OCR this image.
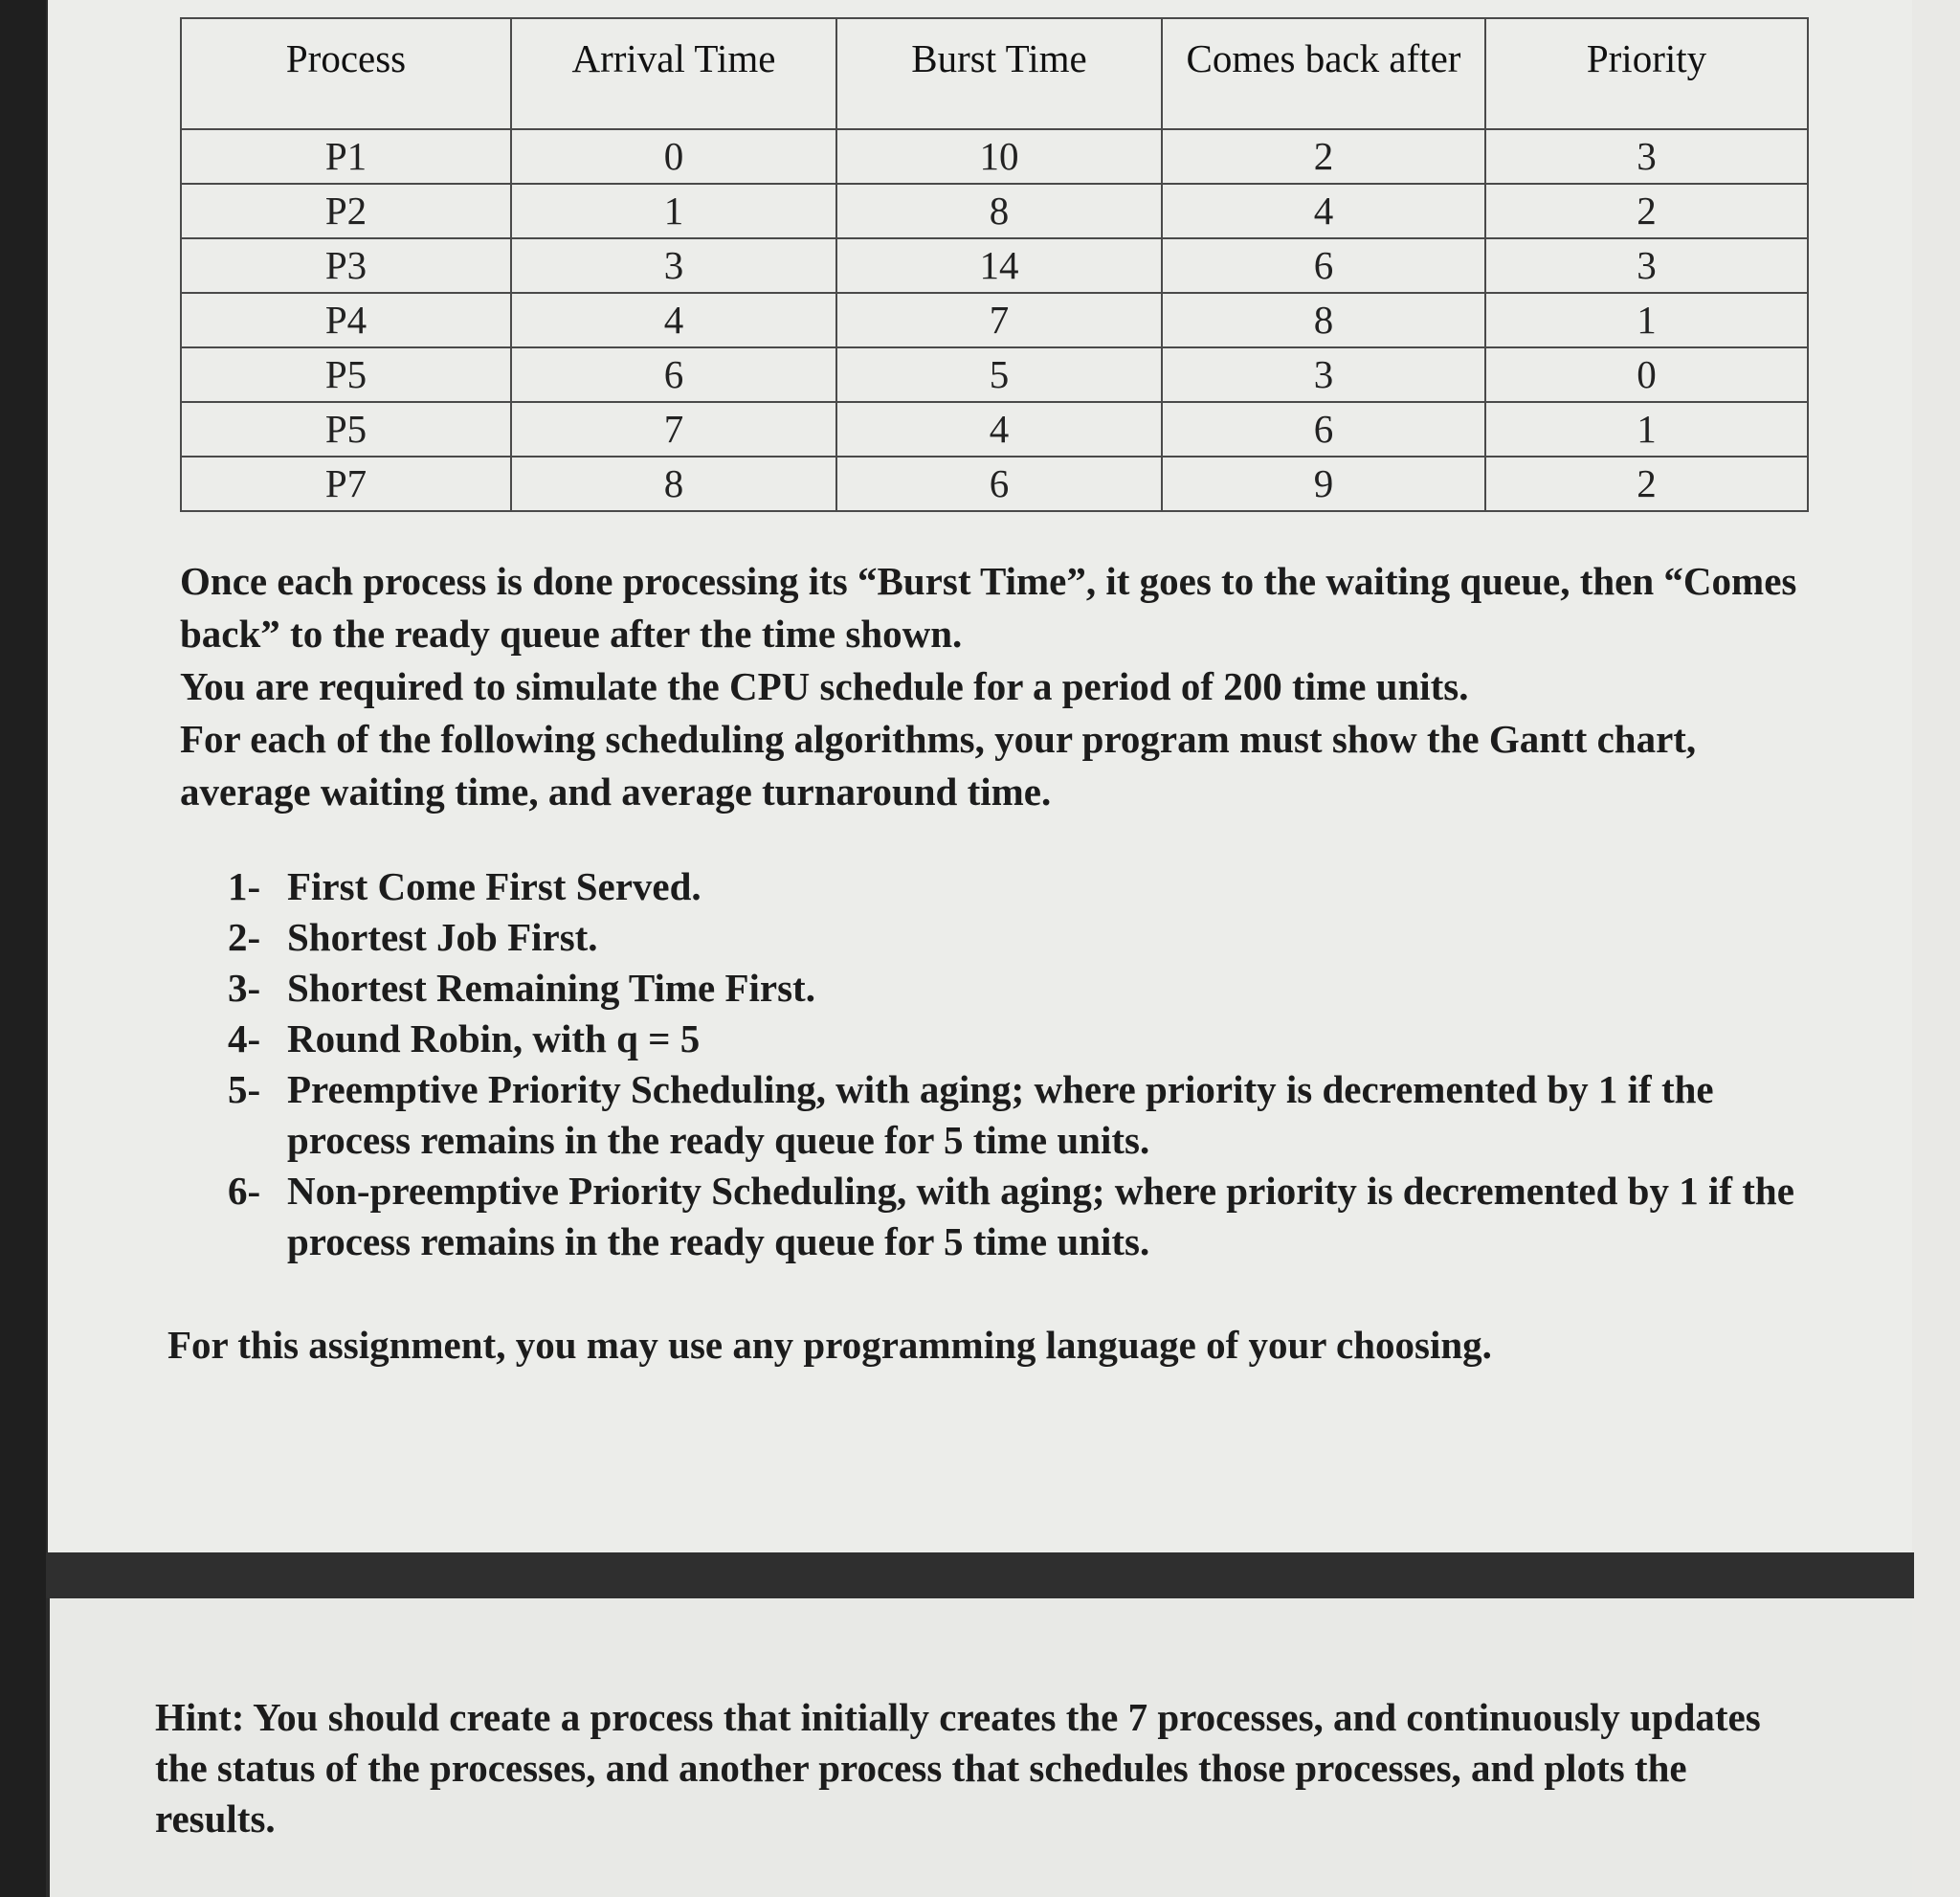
Process	Arrival Time	Burst Time	Comes back after	Priority
P1	0	10	2	3
P2	1	8	4	2
P3	3	14	6	3
P4	4	7	8	1
P5	6	5	3	0
P5	7	4	6	1
P7	8	6	9	2

Once each process is done processing its “Burst Time”, it goes to the waiting queue, then “Comes back” to the ready queue after the time shown.

You are required to simulate the CPU schedule for a period of 200 time units.

For each of the following scheduling algorithms, your program must show the Gantt chart, average waiting time, and average turnaround time.

1- First Come First Served.
2- Shortest Job First.
3- Shortest Remaining Time First.
4- Round Robin, with q = 5
5- Preemptive Priority Scheduling, with aging; where priority is decremented by 1 if the process remains in the ready queue for 5 time units.
6- Non-preemptive Priority Scheduling, with aging; where priority is decremented by 1 if the process remains in the ready queue for 5 time units.
For this assignment, you may use any programming language of your choosing.
Hint: You should create a process that initially creates the 7 processes, and continuously updates the status of the processes, and another process that schedules those processes, and plots the results.
